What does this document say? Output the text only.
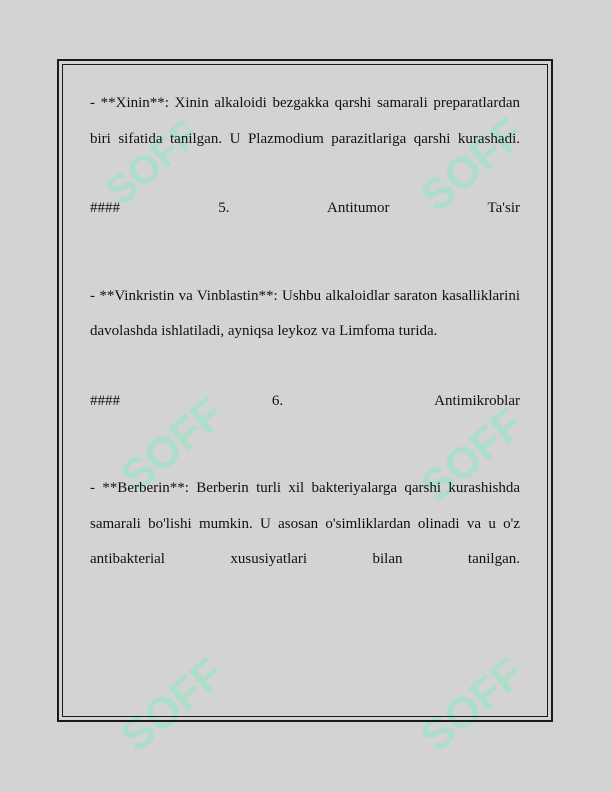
SOFF	SOFF
SOFF	SOFF
SOFF	SOFF

- **Xinin**: Xinin alkaloidi bezgakka qarshi samarali preparatlardan biri sifatida tanilgan. U Plazmodium parazitlariga qarshi kurashadi.

#### 5. Antitumor Ta'sir

- **Vinkristin va Vinblastin**: Ushbu alkaloidlar saraton kasalliklarini davolashda ishlatiladi, ayniqsa leykoz va Limfoma turida.

#### 6. Antimikroblar

- **Berberin**: Berberin turli xil bakteriyalarga qarshi kurashishda samarali bo'lishi mumkin. U asosan o'simliklardan olinadi va u o'z antibakterial xususiyatlari bilan tanilgan.
